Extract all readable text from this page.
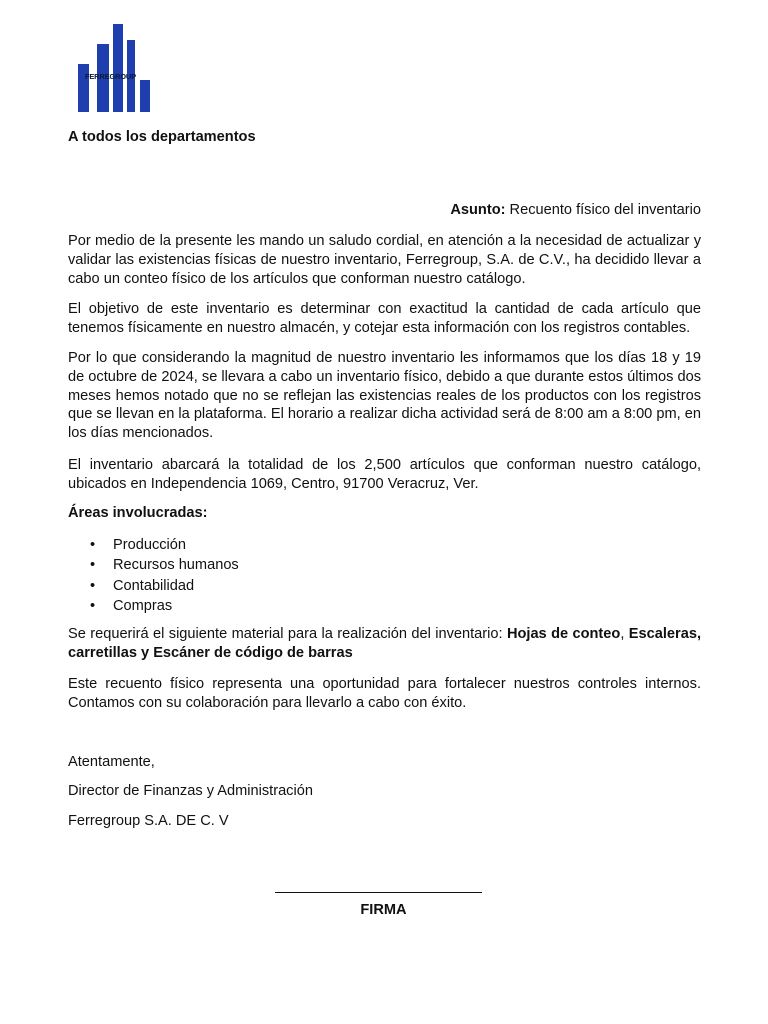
FERREGROUP
A todos los departamentos
Asunto: Recuento físico del inventario

Por medio de la presente les mando un saludo cordial, en atención a la necesidad de actualizar y validar las existencias físicas de nuestro inventario, Ferregroup, S.A. de C.V., ha decidido llevar a cabo un conteo físico de los artículos que conforman nuestro catálogo.

El objetivo de este inventario es determinar con exactitud la cantidad de cada artículo que tenemos físicamente en nuestro almacén, y cotejar esta información con los registros contables.

Por lo que considerando la magnitud de nuestro inventario les informamos que los días 18 y 19 de octubre de 2024, se llevara a cabo un inventario físico, debido a que durante estos últimos dos meses hemos notado que no se reflejan las existencias reales de los productos con los registros que se llevan en la plataforma. El horario a realizar dicha actividad será de 8:00 am a 8:00 pm, en los días mencionados.

El inventario abarcará la totalidad de los 2,500 artículos que conforman nuestro catálogo, ubicados en Independencia 1069, Centro, 91700 Veracruz, Ver.

Áreas involucradas:
• Producción
• Recursos humanos
• Contabilidad
• Compras
Se requerirá el siguiente material para la realización del inventario: Hojas de conteo, Escaleras, carretillas y Escáner de código de barras

Este recuento físico representa una oportunidad para fortalecer nuestros controles internos. Contamos con su colaboración para llevarlo a cabo con éxito.

Atentamente,
Director de Finanzas y Administración
Ferregroup S.A. DE C. V
FIRMA
